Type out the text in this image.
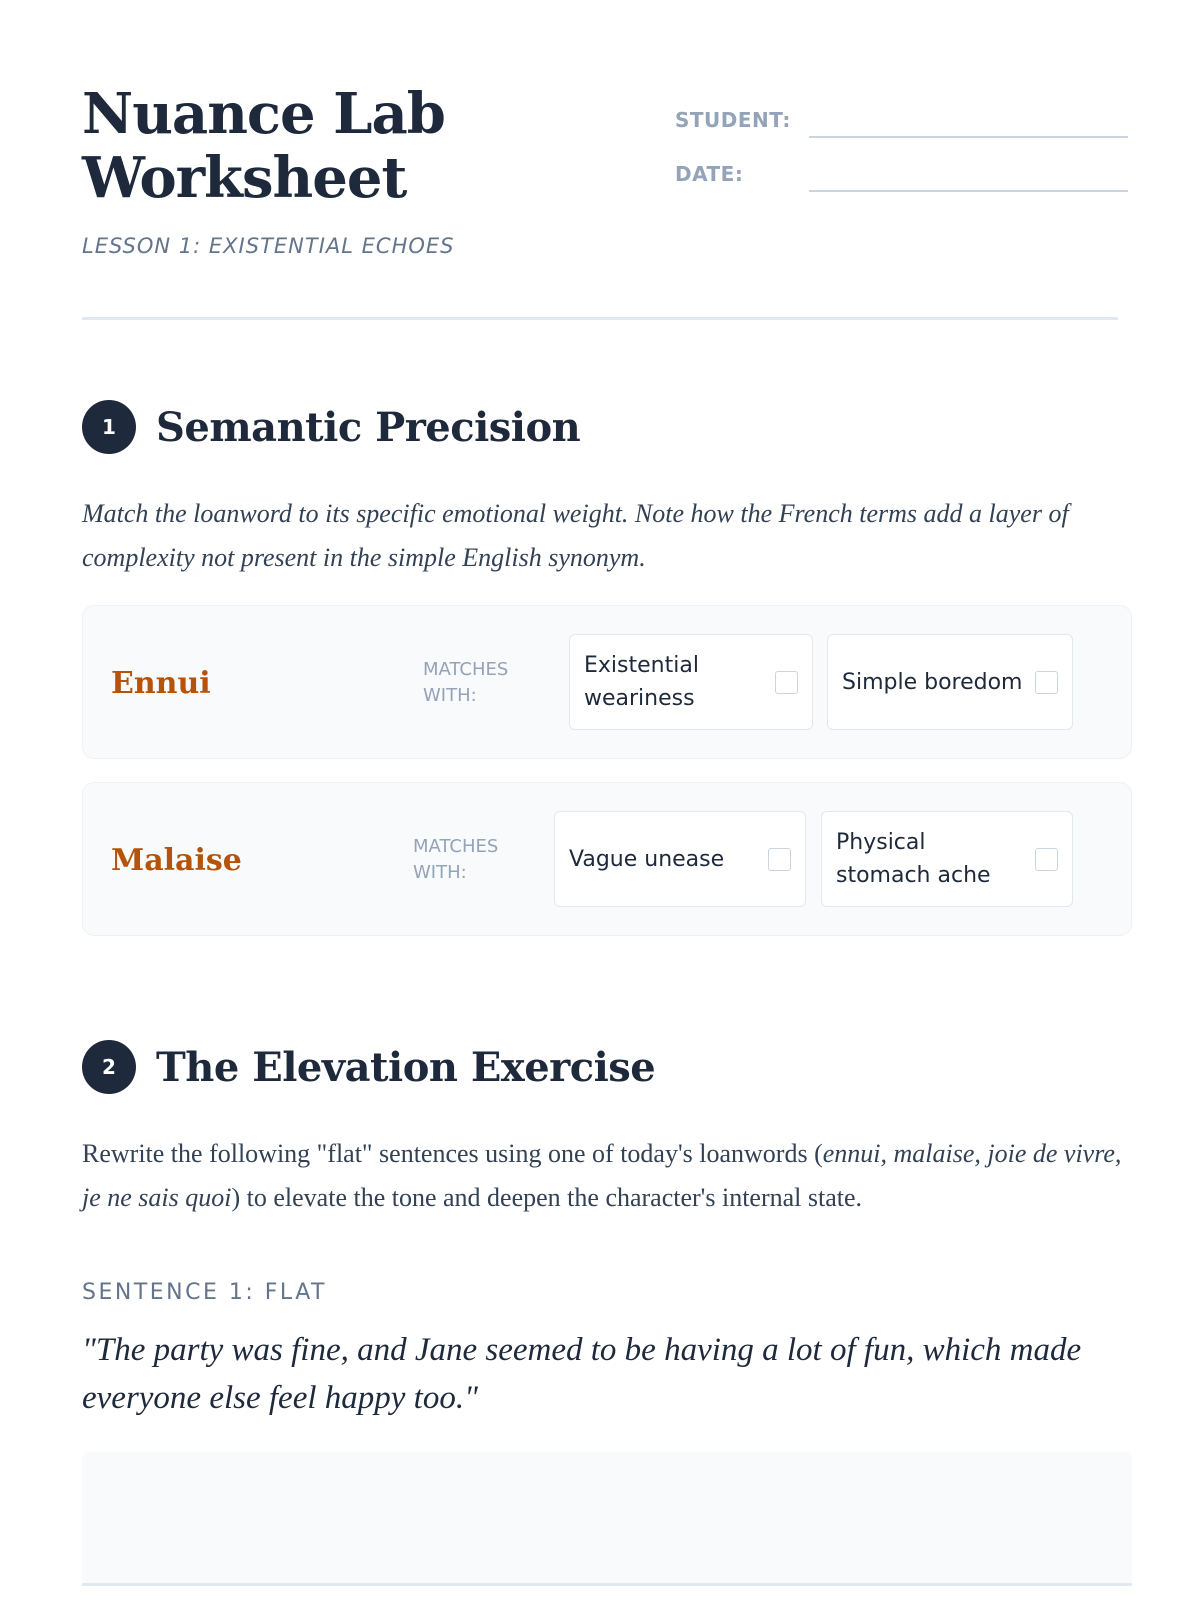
Nuance Lab
Worksheet
LESSON 1: EXISTENTIAL ECHOES
STUDENT:
DATE:
1	Semantic Precision

Match the loanword to its specific emotional weight. Note how the French terms add a layer of complexity not present in the simple English synonym.

Ennui	MATCHES WITH:
Existential weariness
Simple boredom
Malaise	MATCHES WITH:
Vague unease
Physical stomach ache
2	The Elevation Exercise

Rewrite the following "flat" sentences using one of today's loanwords (ennui, malaise, joie de vivre, je ne sais quoi) to elevate the tone and deepen the character's internal state.

SENTENCE 1: FLAT
"The party was fine, and Jane seemed to be having a lot of fun, which made everyone else feel happy too."
